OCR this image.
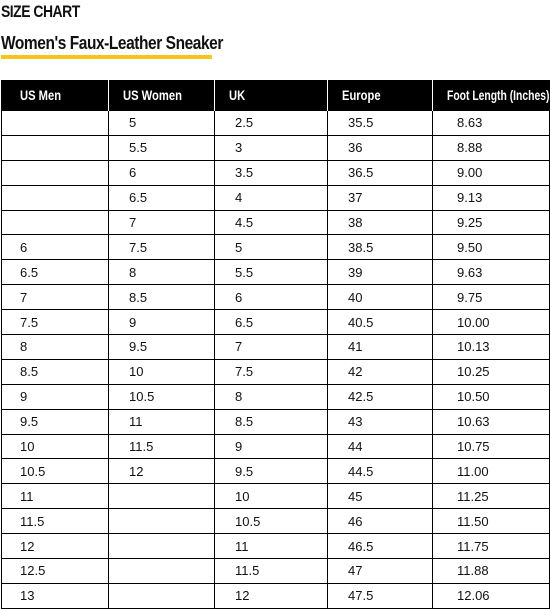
SIZE CHART
Women's Faux-Leather Sneaker
US Men	US Women	UK	Europe	Foot Length (Inches)
	5	2.5	35.5	8.63
	5.5	3	36	8.88
	6	3.5	36.5	9.00
	6.5	4	37	9.13
	7	4.5	38	9.25
6	7.5	5	38.5	9.50
6.5	8	5.5	39	9.63
7	8.5	6	40	9.75
7.5	9	6.5	40.5	10.00
8	9.5	7	41	10.13
8.5	10	7.5	42	10.25
9	10.5	8	42.5	10.50
9.5	11	8.5	43	10.63
10	11.5	9	44	10.75
10.5	12	9.5	44.5	11.00
11		10	45	11.25
11.5		10.5	46	11.50
12		11	46.5	11.75
12.5		11.5	47	11.88
13		12	47.5	12.06
